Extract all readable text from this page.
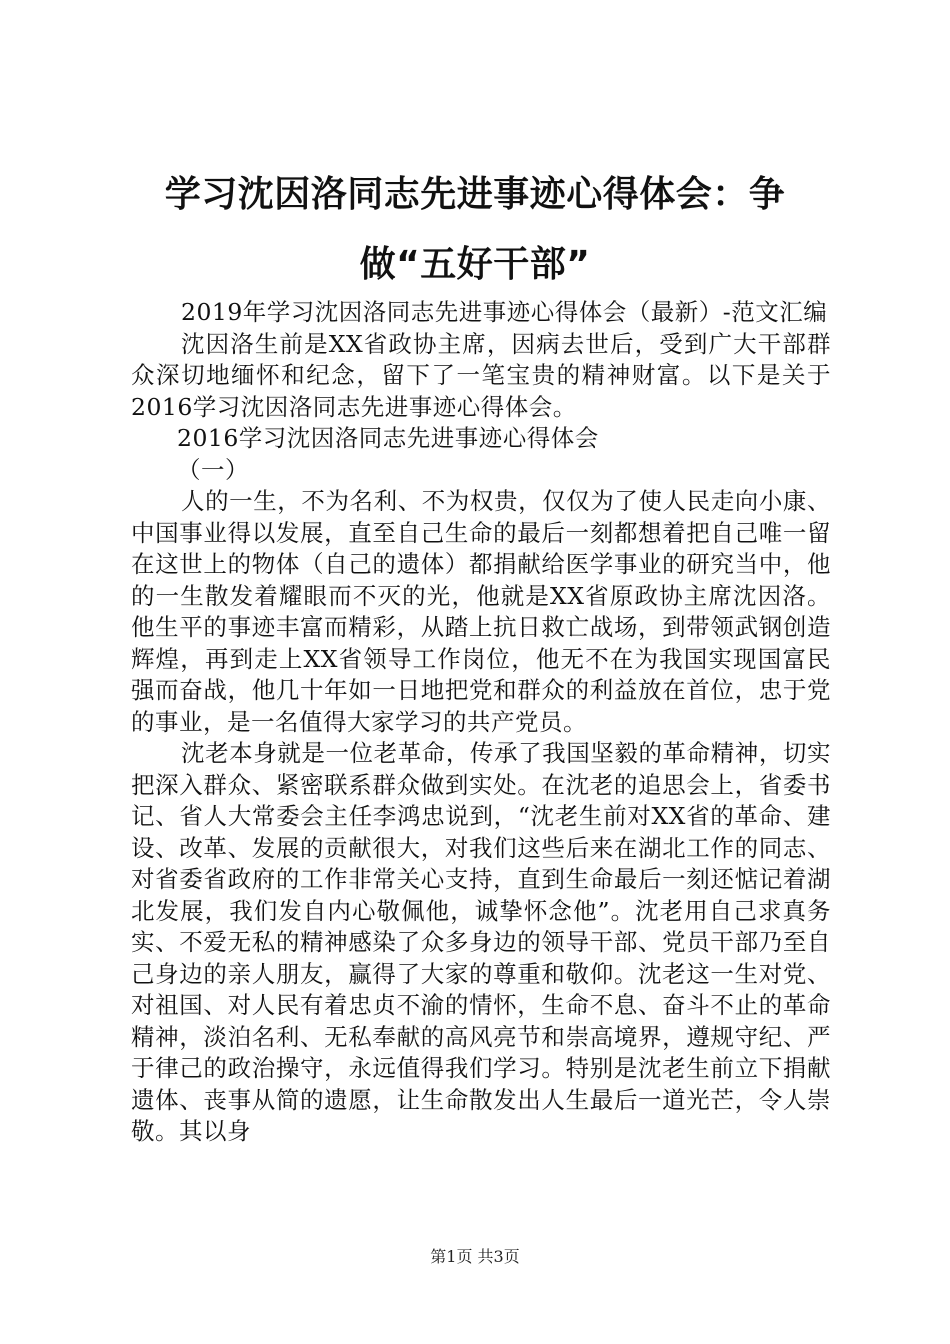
学习沈因洛同志先进事迹心得体会：争做“五好干部”

2019年学习沈因洛同志先进事迹心得体会（最新）-范文汇编

沈因洛生前是XX省政协主席，因病去世后，受到广大干部群众深切地缅怀和纪念，留下了一笔宝贵的精神财富。以下是关于2016学习沈因洛同志先进事迹心得体会。

2016学习沈因洛同志先进事迹心得体会

（一）

人的一生，不为名利、不为权贵，仅仅为了使人民走向小康、中国事业得以发展，直至自己生命的最后一刻都想着把自己唯一留在这世上的物体（自己的遗体）都捐献给医学事业的研究当中，他的一生散发着耀眼而不灭的光，他就是XX省原政协主席沈因洛。他生平的事迹丰富而精彩，从踏上抗日救亡战场，到带领武钢创造辉煌，再到走上XX省领导工作岗位，他无不在为我国实现国富民强而奋战，他几十年如一日地把党和群众的利益放在首位，忠于党的事业，是一名值得大家学习的共产党员。

沈老本身就是一位老革命，传承了我国坚毅的革命精神，切实把深入群众、紧密联系群众做到实处。在沈老的追思会上，省委书记、省人大常委会主任李鸿忠说到，“沈老生前对XX省的革命、建设、改革、发展的贡献很大，对我们这些后来在湖北工作的同志、对省委省政府的工作非常关心支持，直到生命最后一刻还惦记着湖北发展，我们发自内心敬佩他，诚挚怀念他”。沈老用自己求真务实、不爱无私的精神感染了众多身边的领导干部、党员干部乃至自己身边的亲人朋友，赢得了大家的尊重和敬仰。沈老这一生对党、对祖国、对人民有着忠贞不渝的情怀，生命不息、奋斗不止的革命精神，淡泊名利、无私奉献的高风亮节和崇高境界，遵规守纪、严于律己的政治操守，永远值得我们学习。特别是沈老生前立下捐献遗体、丧事从简的遗愿，让生命散发出人生最后一道光芒，令人崇敬。其以身

第1页 共3页
